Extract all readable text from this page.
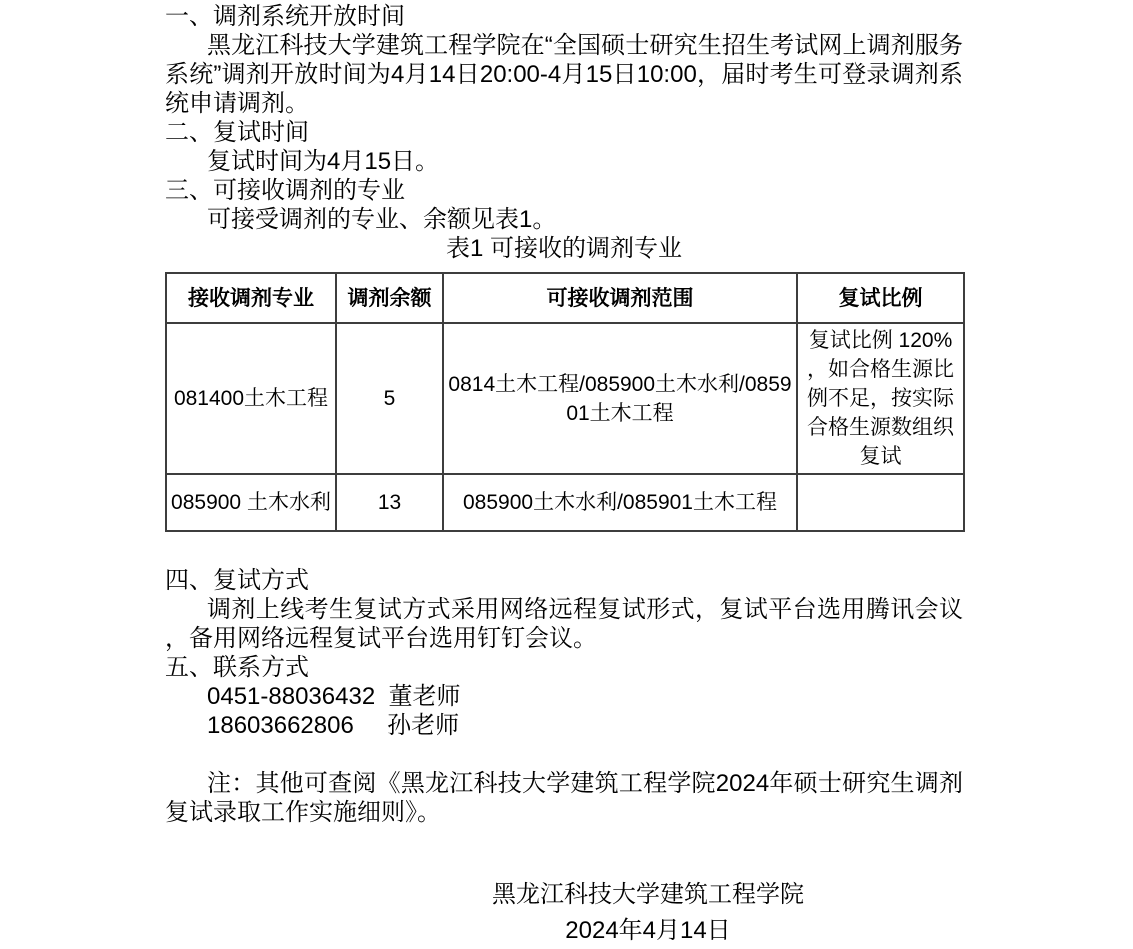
一、调剂系统开放时间

黑龙江科技大学建筑工程学院在“全国硕士研究生招生考试网上调剂服务系统”调剂开放时间为4月14日20:00-4月15日10:00，届时考生可登录调剂系统申请调剂。

二、复试时间

复试时间为4月15日。

三、可接收调剂的专业

可接受调剂的专业、余额见表1。

表1 可接收的调剂专业

接收调剂专业	调剂余额	可接收调剂范围	复试比例
081400土木工程	5	0814土木工程/085900土木水利/085901土木工程	复试比例 120%，如合格生源比例不足，按实际合格生源数组织复试
085900 土木水利	13	085900土木水利/085901土木工程	

四、复试方式

调剂上线考生复试方式采用网络远程复试形式，复试平台选用腾讯会议，备用网络远程复试平台选用钉钉会议。

五、联系方式

0451-88036432  董老师

18603662806     孙老师

注：其他可查阅《黑龙江科技大学建筑工程学院2024年硕士研究生调剂复试录取工作实施细则》。

黑龙江科技大学建筑工程学院

2024年4月14日
